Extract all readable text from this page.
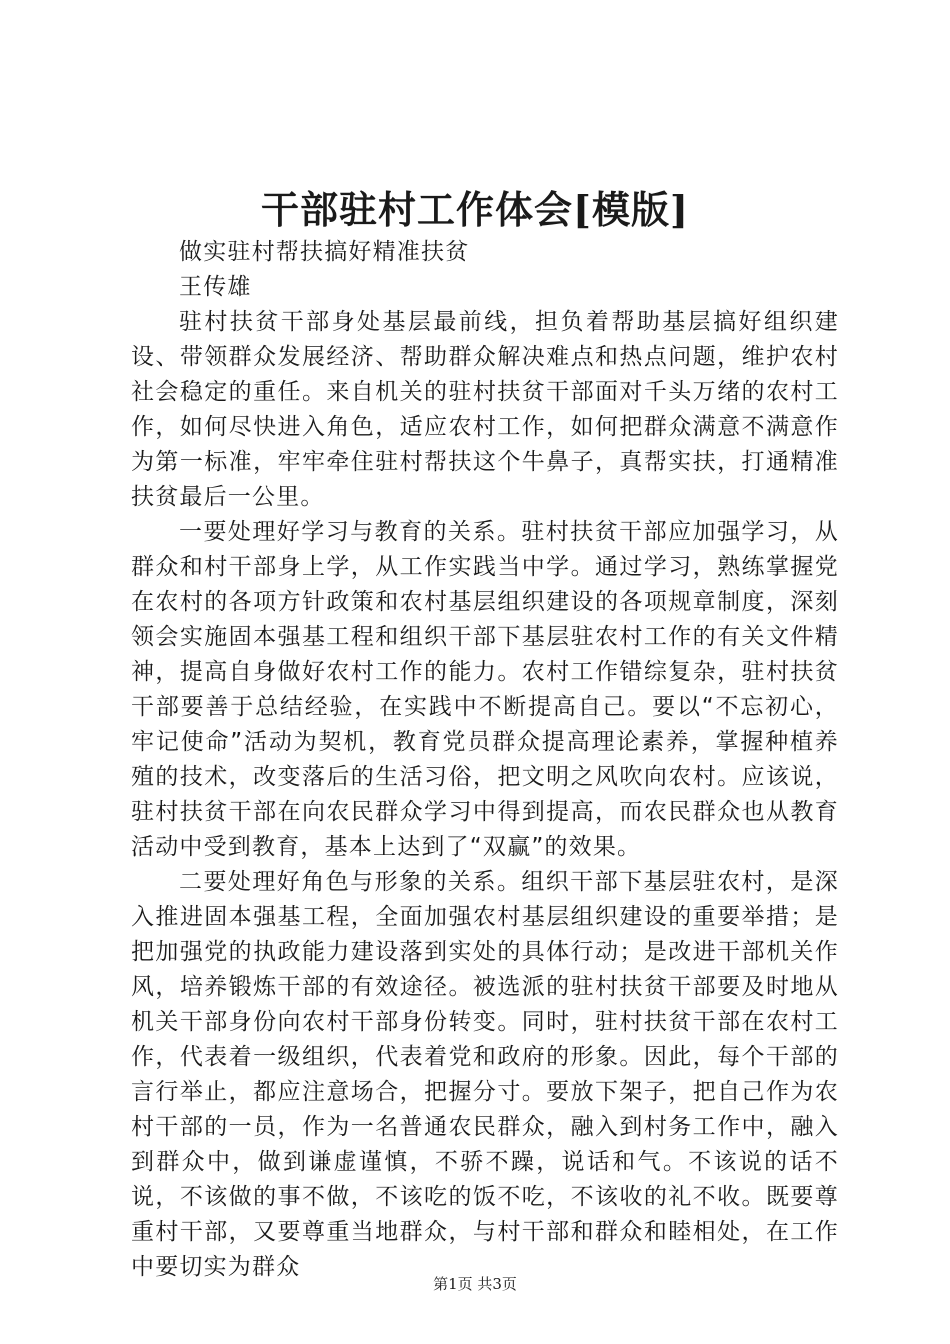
干部驻村工作体会[模版]

做实驻村帮扶搞好精准扶贫

王传雄

驻村扶贫干部身处基层最前线，担负着帮助基层搞好组织建设、带领群众发展经济、帮助群众解决难点和热点问题，维护农村社会稳定的重任。来自机关的驻村扶贫干部面对千头万绪的农村工作，如何尽快进入角色，适应农村工作，如何把群众满意不满意作为第一标准，牢牢牵住驻村帮扶这个牛鼻子，真帮实扶，打通精准扶贫最后一公里。

一要处理好学习与教育的关系。驻村扶贫干部应加强学习，从群众和村干部身上学，从工作实践当中学。通过学习，熟练掌握党在农村的各项方针政策和农村基层组织建设的各项规章制度，深刻领会实施固本强基工程和组织干部下基层驻农村工作的有关文件精神，提高自身做好农村工作的能力。农村工作错综复杂，驻村扶贫干部要善于总结经验，在实践中不断提高自己。要以“不忘初心，牢记使命”活动为契机，教育党员群众提高理论素养，掌握种植养殖的技术，改变落后的生活习俗，把文明之风吹向农村。应该说，驻村扶贫干部在向农民群众学习中得到提高，而农民群众也从教育活动中受到教育，基本上达到了“双赢”的效果。

二要处理好角色与形象的关系。组织干部下基层驻农村，是深入推进固本强基工程，全面加强农村基层组织建设的重要举措；是把加强党的执政能力建设落到实处的具体行动；是改进干部机关作风，培养锻炼干部的有效途径。被选派的驻村扶贫干部要及时地从机关干部身份向农村干部身份转变。同时，驻村扶贫干部在农村工作，代表着一级组织，代表着党和政府的形象。因此，每个干部的言行举止，都应注意场合，把握分寸。要放下架子，把自己作为农村干部的一员，作为一名普通农民群众，融入到村务工作中，融入到群众中，做到谦虚谨慎，不骄不躁，说话和气。不该说的话不说，不该做的事不做，不该吃的饭不吃，不该收的礼不收。既要尊重村干部，又要尊重当地群众，与村干部和群众和睦相处，在工作中要切实为群众

第1页 共3页
